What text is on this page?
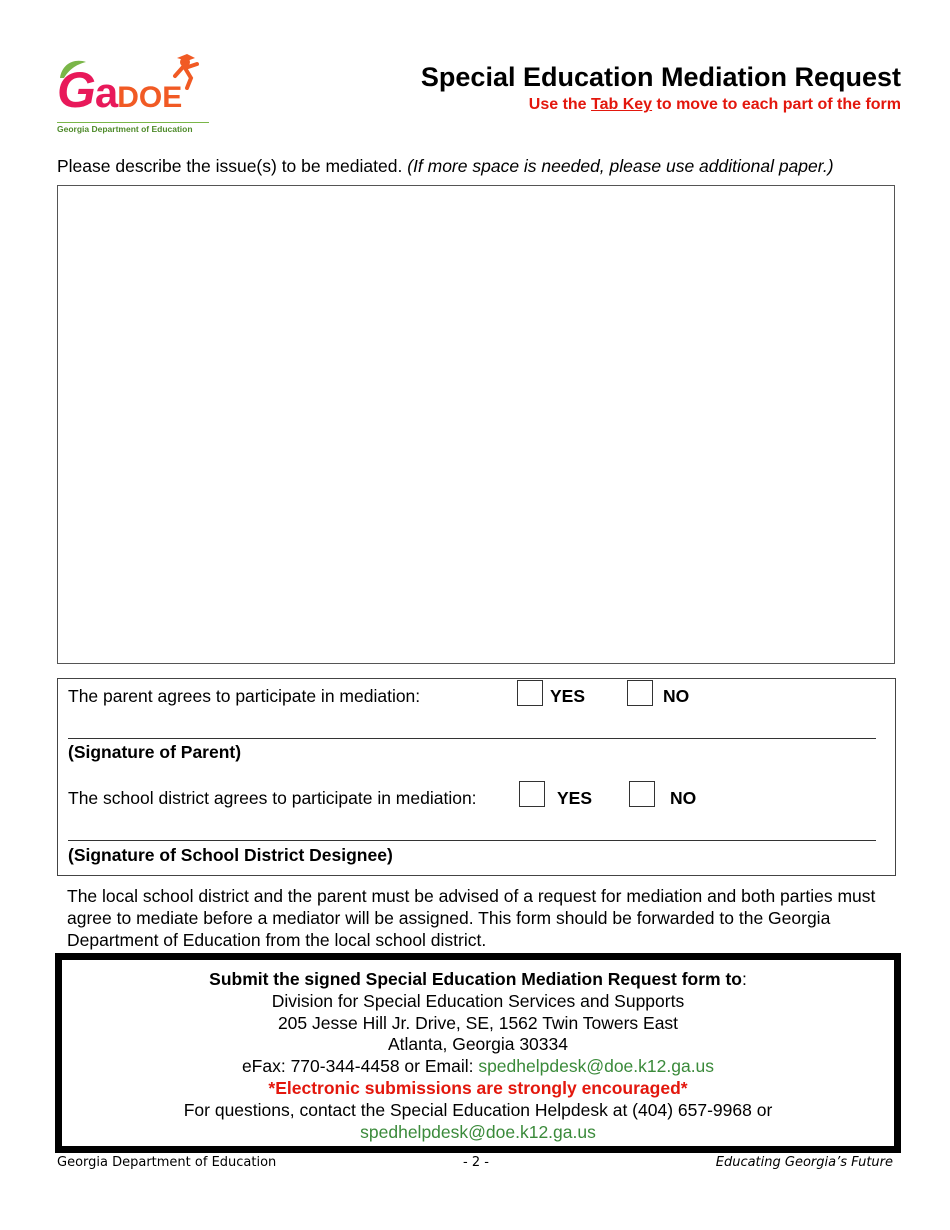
GaDOE
Georgia Department of Education
Special Education Mediation Request
Use the Tab Key to move to each part of the form
Please describe the issue(s) to be mediated. (If more space is needed, please use additional paper.)
The parent agrees to participate in mediation:	YES	NO
(Signature of Parent)
The school district agrees to participate in mediation:	YES	NO
(Signature of School District Designee)
The local school district and the parent must be advised of a request for mediation and both parties must agree to mediate before a mediator will be assigned. This form should be forwarded to the Georgia Department of Education from the local school district.
Submit the signed Special Education Mediation Request form to:
Division for Special Education Services and Supports
205 Jesse Hill Jr. Drive, SE, 1562 Twin Towers East
Atlanta, Georgia 30334
eFax: 770-344-4458 or Email: spedhelpdesk@doe.k12.ga.us
*Electronic submissions are strongly encouraged*
For questions, contact the Special Education Helpdesk at (404) 657-9968 or
spedhelpdesk@doe.k12.ga.us
Georgia Department of Education	- 2 -	Educating Georgia’s Future
